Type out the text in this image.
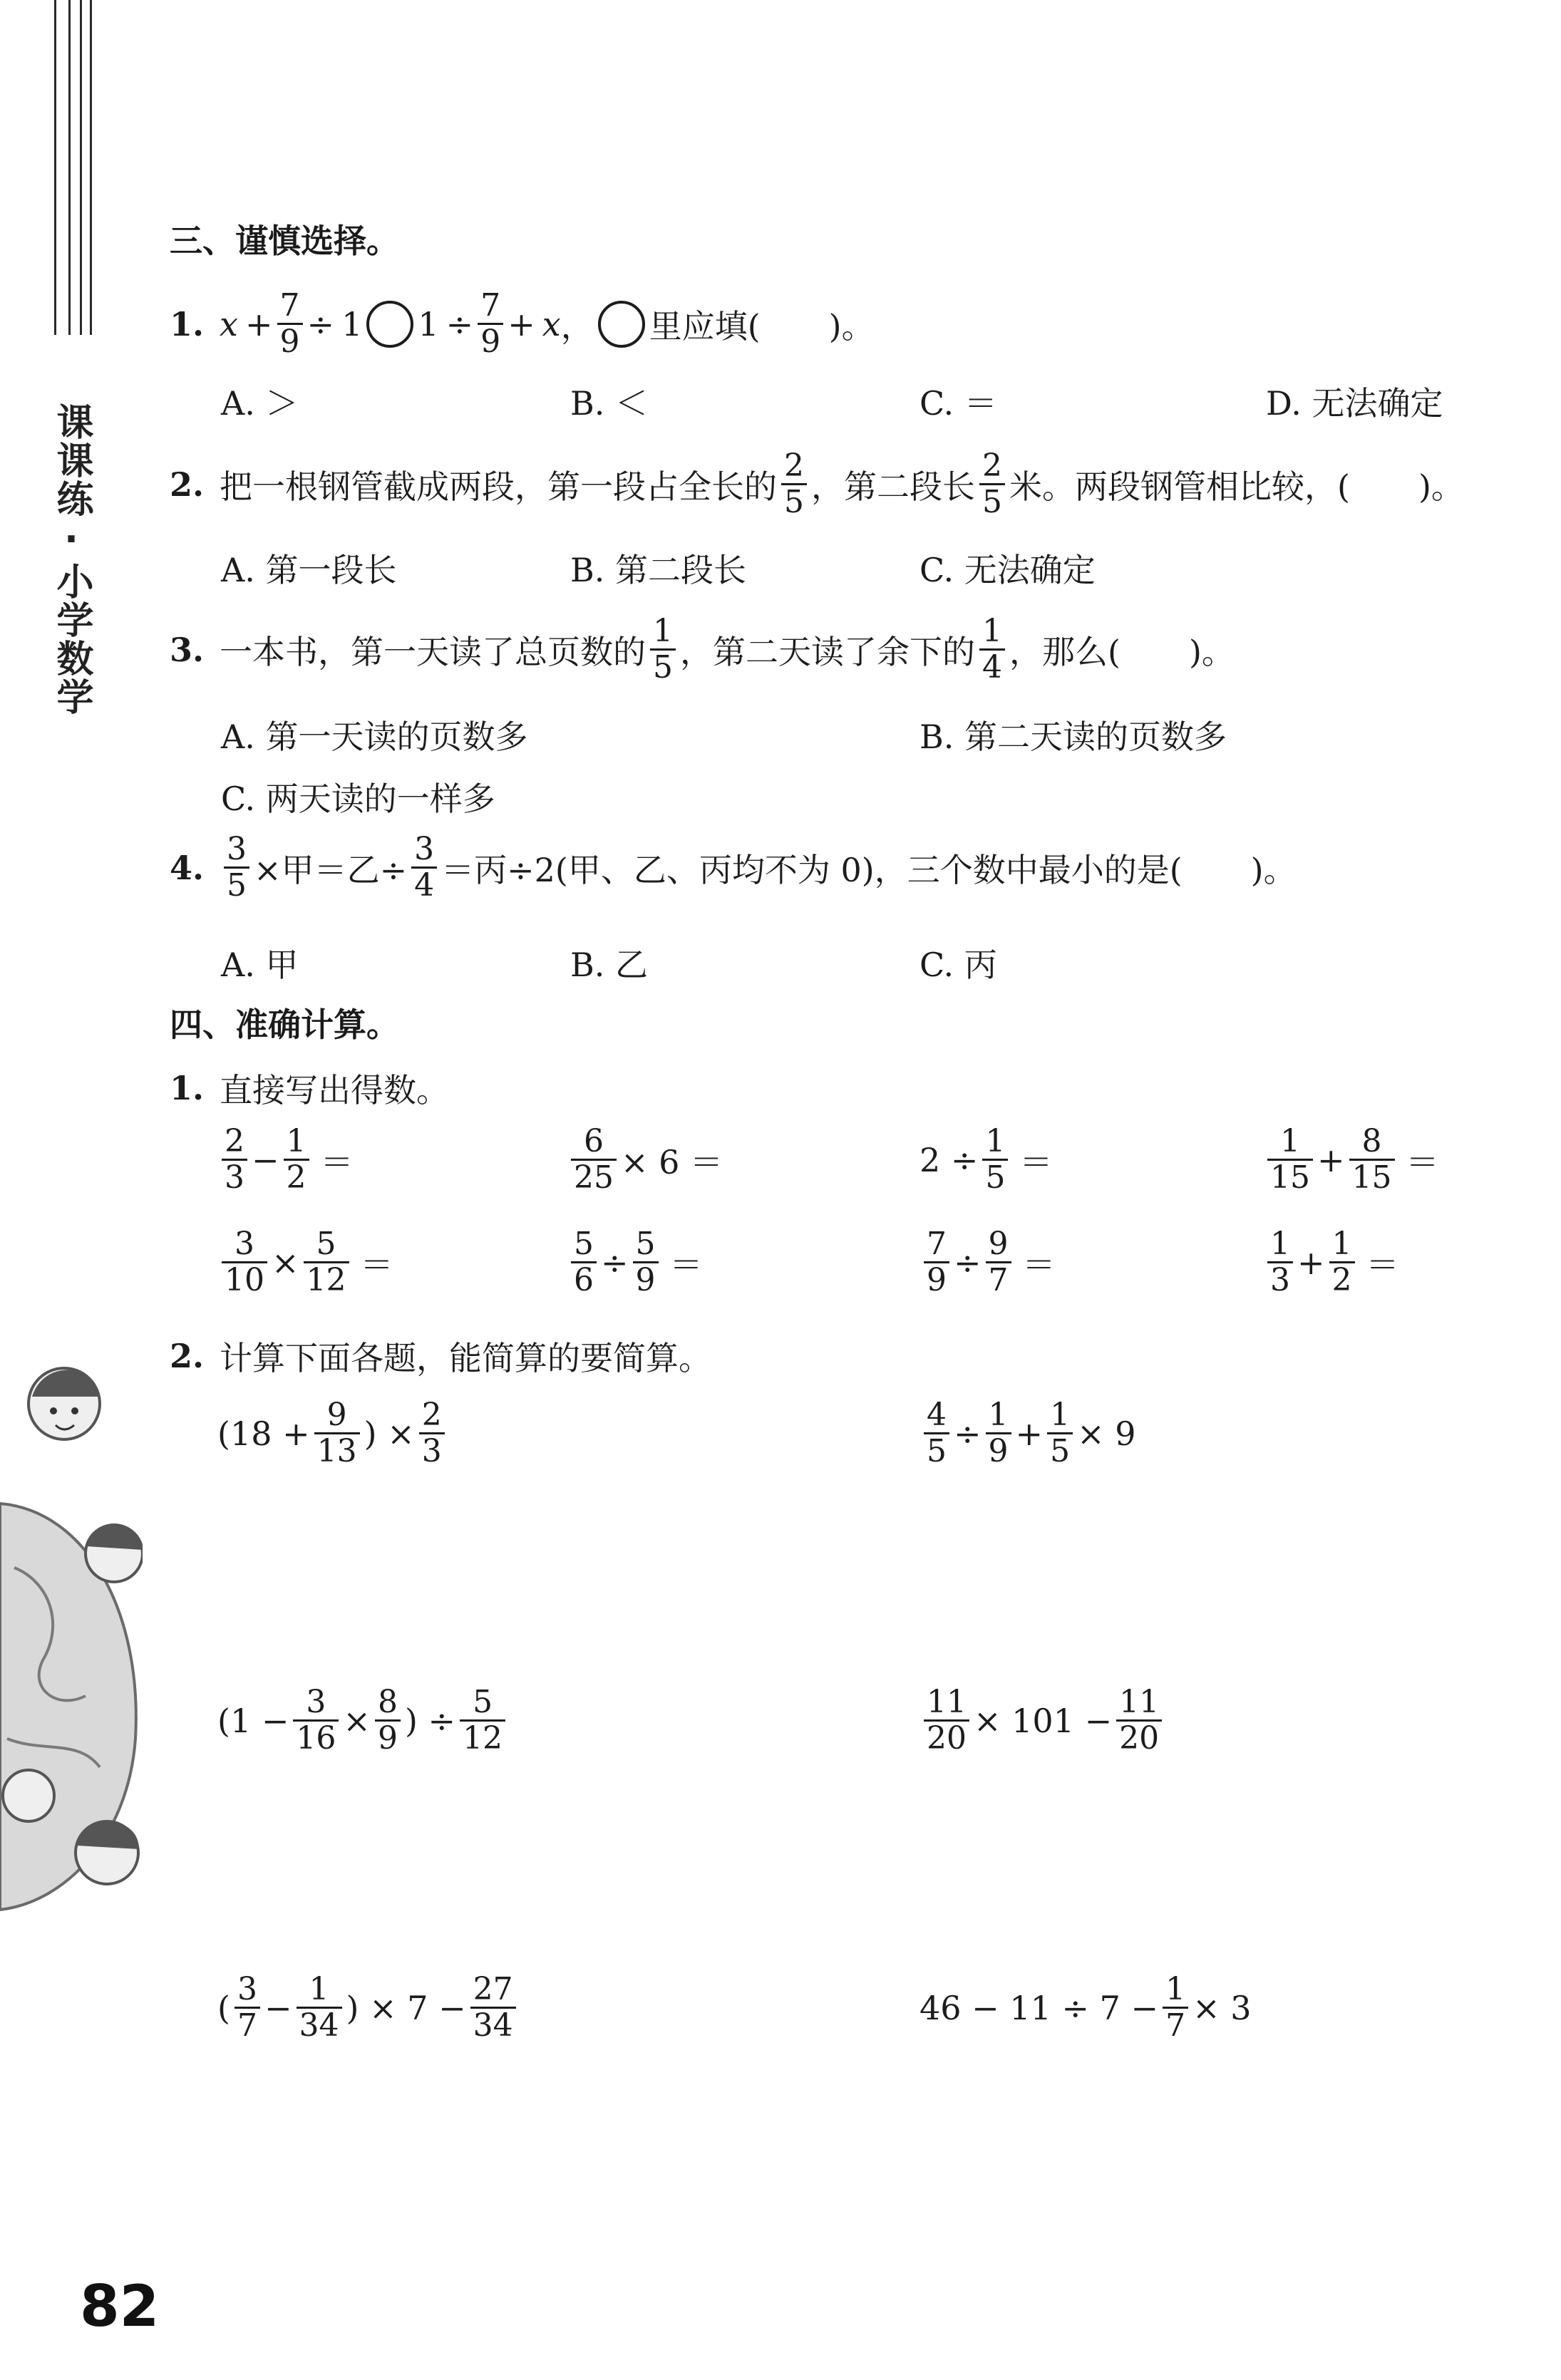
课课练·小学数学
三、谨慎选择。
1. $x + \frac{7}{9} \div 1$ $1 \div \frac{7}{9} + x$ ， 里应填( )。
A. ＞	B. ＜	C. ＝	D. 无法确定
2. 把一根钢管截成两段，第一段占全长的 $\frac{2}{5}$ ，第二段长 $\frac{2}{5}$ 米。两段钢管相比较，( )。
A. 第一段长	B. 第二段长	C. 无法确定
3. 一本书，第一天读了总页数的 $\frac{1}{5}$ ，第二天读了余下的 $\frac{1}{4}$ ，那么( )。
A. 第一天读的页数多	B. 第二天读的页数多
C. 两天读的一样多
4. $\frac{3}{5}$ ×甲＝乙÷ $\frac{3}{4}$ ＝丙÷2(甲、乙、丙均不为 0)，三个数中最小的是( )。
A. 甲	B. 乙	C. 丙
四、准确计算。
1. 直接写出得数。
$\frac{2}{3} - \frac{1}{2}$ ＝	$\frac{6}{25} \times 6$ ＝	$2 \div \frac{1}{5}$ ＝	$\frac{1}{15} + \frac{8}{15}$ ＝
$\frac{3}{10} \times \frac{5}{12}$ ＝	$\frac{5}{6} \div \frac{5}{9}$ ＝	$\frac{7}{9} \div \frac{9}{7}$ ＝	$\frac{1}{3} + \frac{1}{2}$ ＝
2. 计算下面各题，能简算的要简算。
($18 + \frac{9}{13}$ ) × $\frac{2}{3}$	$\frac{4}{5} \div \frac{1}{9} + \frac{1}{5} \times 9$
($1 - \frac{3}{16} \times \frac{8}{9}$ ) ÷ $\frac{5}{12}$	$\frac{11}{20} \times 101 - \frac{11}{20}$
( $\frac{3}{7} - \frac{1}{34}$ ) × $7 - \frac{27}{34}$	$46 - 11 \div 7 - \frac{1}{7} \times 3$
82
